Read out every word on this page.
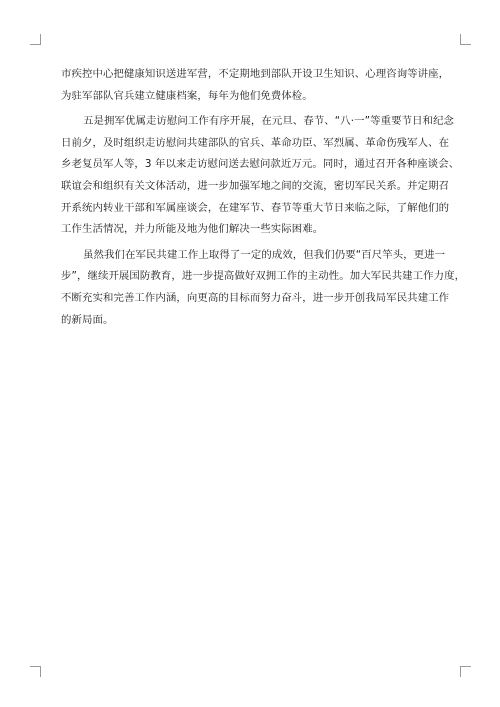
市疾控中心把健康知识送进军营，不定期地到部队开设卫生知识、心理咨询等讲座，
为驻军部队官兵建立健康档案，每年为他们免费体检。

五是拥军优属走访慰问工作有序开展，在元旦、春节、“八·一”等重要节日和纪念
日前夕，及时组织走访慰问共建部队的官兵、革命功臣、军烈属、革命伤残军人、在
乡老复员军人等，3 年以来走访慰问送去慰问款近万元。同时，通过召开各种座谈会、
联谊会和组织有关文体活动，进一步加强军地之间的交流，密切军民关系。并定期召
开系统内转业干部和军属座谈会，在建军节、春节等重大节日来临之际，了解他们的
工作生活情况，并力所能及地为他们解决一些实际困难。

虽然我们在军民共建工作上取得了一定的成效，但我们仍要“百尺竿头，更进一
步”，继续开展国防教育，进一步提高做好双拥工作的主动性。加大军民共建工作力度，
不断充实和完善工作内涵，向更高的目标而努力奋斗，进一步开创我局军民共建工作
的新局面。
